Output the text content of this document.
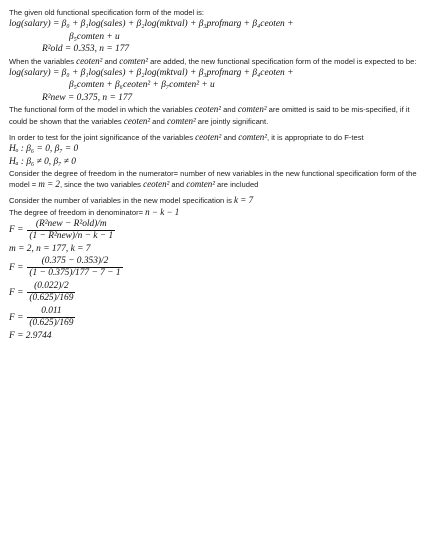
The given old functional specification form of the model is:

log(salary) = β₀ + β₁log(sales) + β₂log(mktval) + β₃profmarg + β₄ceoten +
β₅comten + u
R²old = 0.353, n = 177

When the variables ceoten² and comten² are added, the new functional specification form of the model is expected to be:

log(salary) = β₀ + β₁log(sales) + β₂log(mktval) + β₃profmarg + β₄ceoten +
β₅comten + β₆ceoten² + β₇comten² + u
R²new = 0.375, n = 177

The functional form of the model in which the variables ceoten² and comten² are omitted is said to be mis-specified, if it could be shown that the variables ceoten² and comten² are jointly significant.

In order to test for the joint significance of the variables ceoten² and comten², it is appropriate to do F-test

Hₒ : β₆ = 0, β₇ = 0
Hₐ : β₆ ≠ 0, β₇ ≠ 0

Consider the degree of freedom in the numerator= number of new variables in the new functional specification form of the model = m = 2, since the two variables ceoten² and comten² are included

Consider the number of variables in the new model specification is k = 7

The degree of freedom in denominator= n − k − 1

$F = \frac{\text{(R²new − R²old)/m}}{\text{(1 − R²new)/n − k − 1}}$
m = 2, n = 177, k = 7
$F = \frac{(0.375 - 0.353)/2}{(1 - 0.375)/177 - 7 - 1}$
$F = \frac{(0.022)/2}{(0.625)/169}$
$F = \frac{0.011}{(0.625)/169}$
F = 2.9744
